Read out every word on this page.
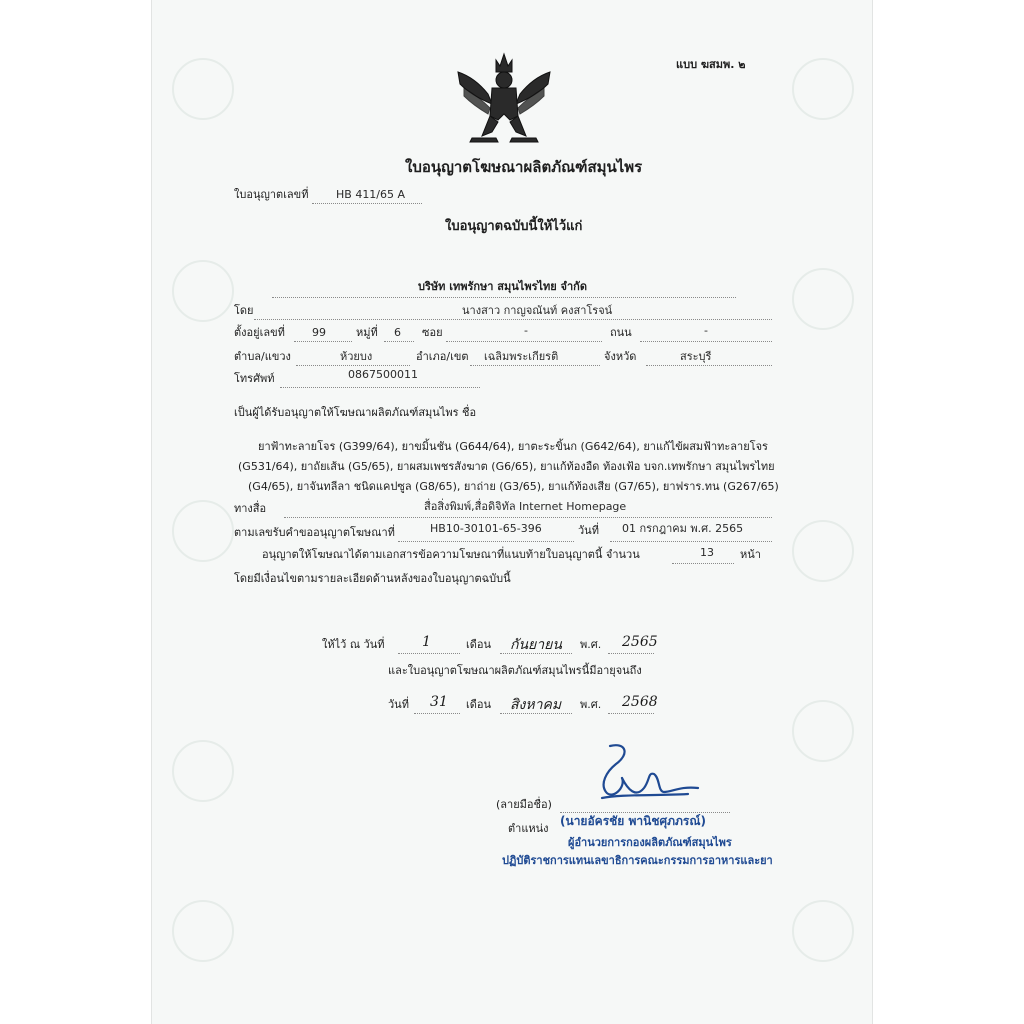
แบบ ฆสมพ. ๒
ใบอนุญาตโฆษณาผลิตภัณฑ์สมุนไพร
ใบอนุญาตเลขที่	HB 411/65 A
ใบอนุญาตฉบับนี้ให้ไว้แก่
บริษัท เทพรักษา สมุนไพรไทย จำกัด
โดย	นางสาว กาญจณันท์ คงสาโรจน์
ตั้งอยู่เลขที่ 99	หมู่ที่ 6 ซอย	-	ถนน	-
ตำบล/แขวง	ห้วยบง	อำเภอ/เขต เฉลิมพระเกียรติ	จังหวัด	สระบุรี
โทรศัพท์	0867500011
เป็นผู้ได้รับอนุญาตให้โฆษณาผลิตภัณฑ์สมุนไพร ชื่อ
ยาฟ้าทะลายโจร (G399/64), ยาขมิ้นชัน (G644/64), ยาตะระขิ้นก (G642/64), ยาแก้ไข้ผสมฟ้าทะลายโจร
(G531/64), ยาถัยเส้น (G5/65), ยาผสมเพชรสังฆาต (G6/65), ยาแก้ท้องอืด ท้องเฟ้อ บจก.เทพรักษา สมุนไพรไทย
(G4/65), ยาจันทลีลา ชนิดแคปซูล (G8/65), ยาถ่าย (G3/65), ยาแก้ท้องเสีย (G7/65), ยาฟราร.ทน (G267/65)
ทางสื่อ	สื่อสิ่งพิมพ์,สื่อดิจิทัล Internet Homepage
ตามเลขรับคำขออนุญาตโฆษณาที่	HB10-30101-65-396	วันที่ 01 กรกฎาคม พ.ศ. 2565
อนุญาตให้โฆษณาได้ตามเอกสารข้อความโฆษณาที่แนบท้ายใบอนุญาตนี้ จำนวน	13 หน้า
โดยมีเงื่อนไขตามรายละเอียดด้านหลังของใบอนุญาตฉบับนี้
ให้ไว้ ณ วันที่	1	เดือน กันยายน พ.ศ. 2565
และใบอนุญาตโฆษณาผลิตภัณฑ์สมุนไพรนี้มีอายุจนถึง
วันที่ 31 เดือน สิงหาคม พ.ศ. 2568
(ลายมือชื่อ)
ตำแหน่ง
(นายอัครชัย พานิชศุภภรณ์)
ผู้อำนวยการกองผลิตภัณฑ์สมุนไพร
ปฏิบัติราชการแทนเลขาธิการคณะกรรมการอาหารและยา
